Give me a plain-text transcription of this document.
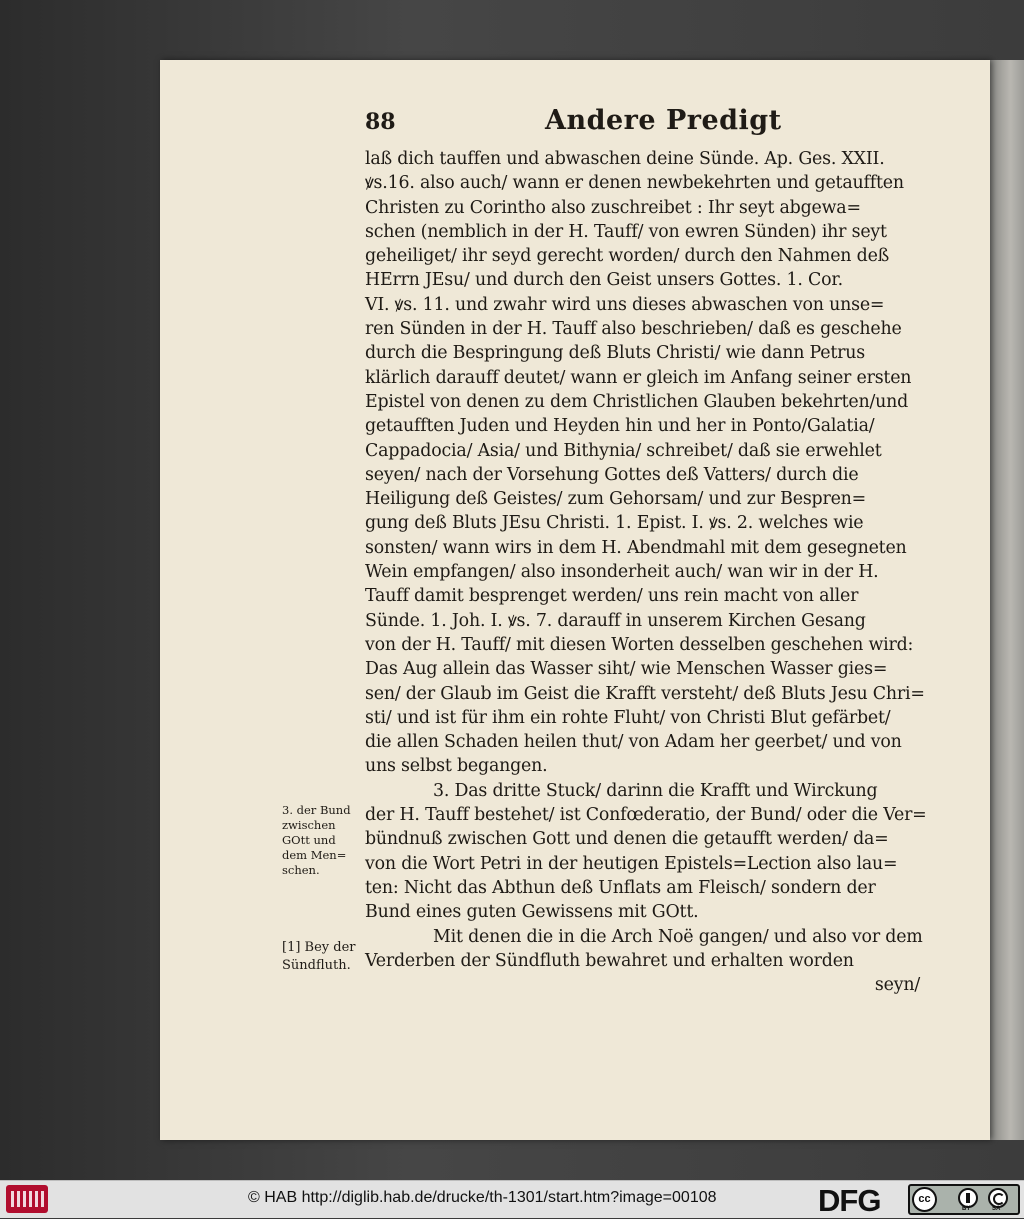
88	Andere Predigt
3. der Bund
zwischen
GOtt und
dem Men=
schen.
[1] Bey der
Sündfluth.
laß dich tauffen und abwaschen deine Sünde. Ap. Ges. XXII.
ꝟs.16. also auch/ wann er denen newbekehrten und getaufften
Christen zu Corintho also zuschreibet : Ihr seyt abgewa=
schen (nemblich in der H. Tauff/ von ewren Sünden) ihr seyt
geheiliget/ ihr seyd gerecht worden/ durch den Nahmen deß
HErrn JEsu/ und durch den Geist unsers Gottes. 1. Cor.
VI. ꝟs. 11. und zwahr wird uns dieses abwaschen von unse=
ren Sünden in der H. Tauff also beschrieben/ daß es geschehe
durch die Bespringung deß Bluts Christi/ wie dann Petrus
klärlich darauff deutet/ wann er gleich im Anfang seiner ersten
Epistel von denen zu dem Christlichen Glauben bekehrten/und
getaufften Juden und Heyden hin und her in Ponto/Galatia/
Cappadocia/ Asia/ und Bithynia/ schreibet/ daß sie erwehlet
seyen/ nach der Vorsehung Gottes deß Vatters/ durch die
Heiligung deß Geistes/ zum Gehorsam/ und zur Bespren=
gung deß Bluts JEsu Christi. 1. Epist. I. ꝟs. 2. welches wie
sonsten/ wann wirs in dem H. Abendmahl mit dem gesegneten
Wein empfangen/ also insonderheit auch/ wan wir in der H.
Tauff damit besprenget werden/ uns rein macht von aller
Sünde. 1. Joh. I. ꝟs. 7. darauff in unserem Kirchen Gesang
von der H. Tauff/ mit diesen Worten desselben geschehen wird:
Das Aug allein das Wasser siht/ wie Menschen Wasser gies=
sen/ der Glaub im Geist die Krafft versteht/ deß Bluts Jesu Chri=
sti/ und ist für ihm ein rohte Fluht/ von Christi Blut gefärbet/
die allen Schaden heilen thut/ von Adam her geerbet/ und von
uns selbst begangen.
3. Das dritte Stuck/ darinn die Krafft und Wirckung
der H. Tauff bestehet/ ist Confœderatio, der Bund/ oder die Ver=
bündnuß zwischen Gott und denen die getaufft werden/ da=
von die Wort Petri in der heutigen Epistels=Lection also lau=
ten: Nicht das Abthun deß Unflats am Fleisch/ sondern der
Bund eines guten Gewissens mit GOtt.
Mit denen die in die Arch Noë gangen/ und also vor dem
Verderben der Sündfluth bewahret und erhalten worden
seyn/
© HAB http://diglib.hab.de/drucke/th-1301/start.htm?image=00108	DFG	cc
BY	SA
